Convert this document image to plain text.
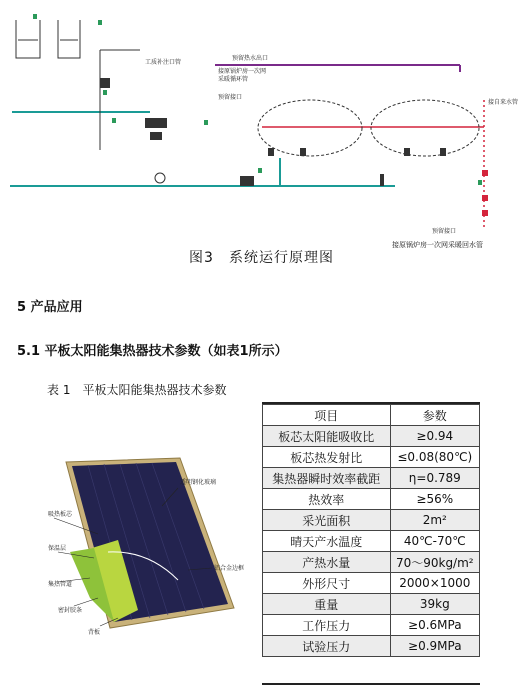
工质补注口管
预留热水出口
接原锅炉房一次网
采暖循环管
预留接口
接自来水管
预留接口
接原锅炉房一次网采暖回水管
图3　系统运行原理图
5 产品应用
5.1 平板太阳能集热器技术参数（如表1所示）
表 1　平板太阳能集热器技术参数
透明钢化玻璃
铝合金边框
吸热板芯
保温层
集热管道
密封胶条
背板
项目	参数
板芯太阳能吸收比	≥0.94
板芯热发射比	≤0.08(80℃)
集热器瞬时效率截距	η=0.789
热效率	≥56%
采光面积	2m²
晴天产水温度	40℃-70℃
产热水量	70～90kg/m²
外形尺寸	2000×1000
重量	39kg
工作压力	≥0.6MPa
试验压力	≥0.9MPa
